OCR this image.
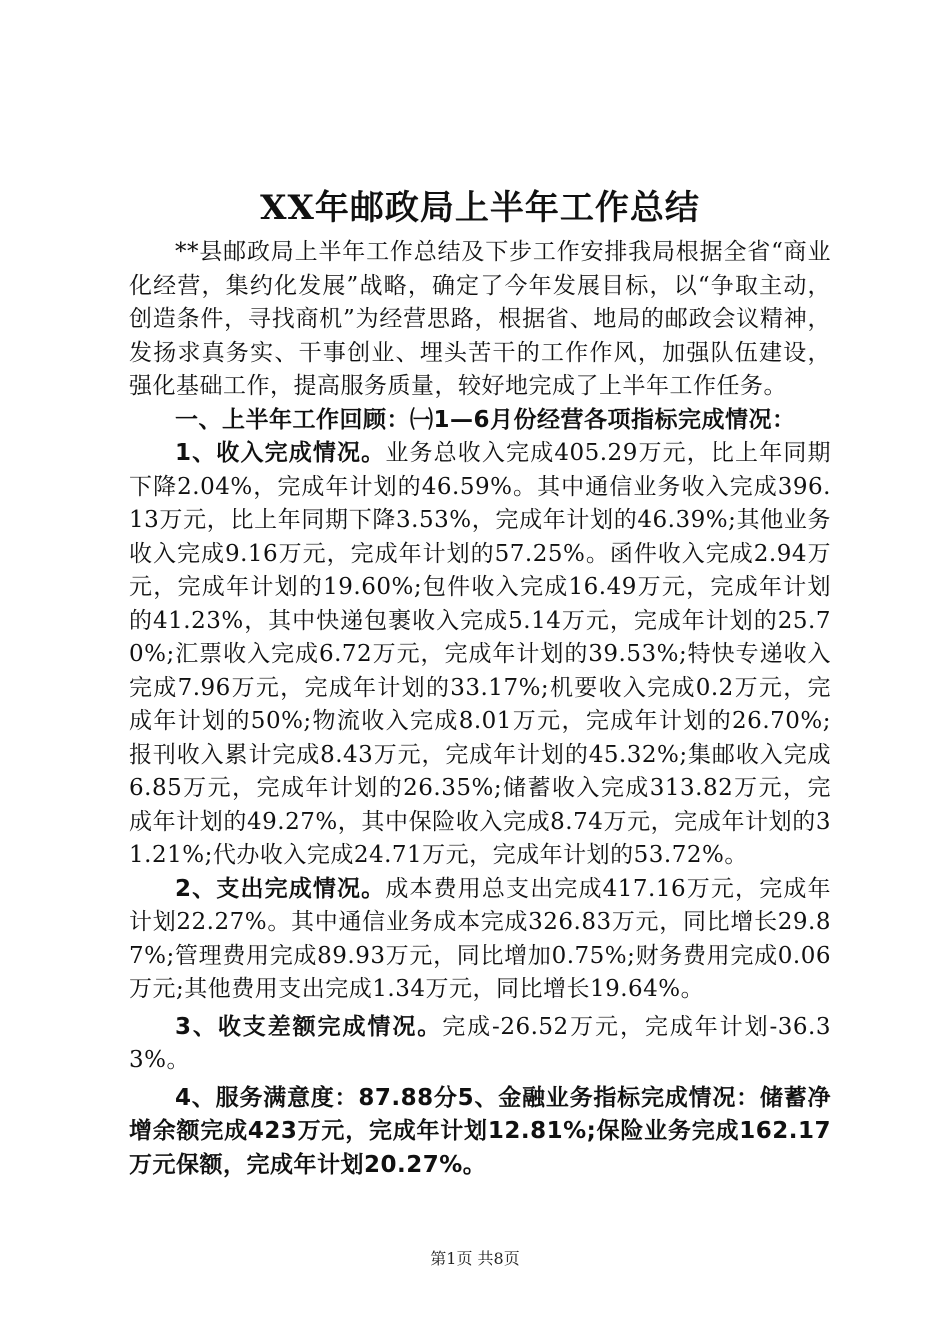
XX年邮政局上半年工作总结

**县邮政局上半年工作总结及下步工作安排我局根据全省“商业化经营，集约化发展”战略，确定了今年发展目标，以“争取主动，创造条件，寻找商机”为经营思路，根据省、地局的邮政会议精神，发扬求真务实、干事创业、埋头苦干的工作作风，加强队伍建设，强化基础工作，提高服务质量，较好地完成了上半年工作任务。

一、上半年工作回顾：㈠1—6月份经营各项指标完成情况：

1、收入完成情况。业务总收入完成405.29万元，比上年同期下降2.04%，完成年计划的46.59%。其中通信业务收入完成396.13万元，比上年同期下降3.53%，完成年计划的46.39%;其他业务收入完成9.16万元，完成年计划的57.25%。函件收入完成2.94万元，完成年计划的19.60%;包件收入完成16.49万元，完成年计划的41.23%，其中快递包裹收入完成5.14万元，完成年计划的25.70%;汇票收入完成6.72万元，完成年计划的39.53%;特快专递收入完成7.96万元，完成年计划的33.17%;机要收入完成0.2万元，完成年计划的50%;物流收入完成8.01万元，完成年计划的26.70%;报刊收入累计完成8.43万元，完成年计划的45.32%;集邮收入完成6.85万元，完成年计划的26.35%;储蓄收入完成313.82万元，完成年计划的49.27%，其中保险收入完成8.74万元，完成年计划的31.21%;代办收入完成24.71万元，完成年计划的53.72%。

2、支出完成情况。成本费用总支出完成417.16万元，完成年计划22.27%。其中通信业务成本完成326.83万元，同比增长29.87%;管理费用完成89.93万元，同比增加0.75%;财务费用完成0.06万元;其他费用支出完成1.34万元，同比增长19.64%。

3、收支差额完成情况。完成-26.52万元，完成年计划-36.33%。

4、服务满意度：87.88分5、金融业务指标完成情况：储蓄净增余额完成423万元，完成年计划12.81%;保险业务完成162.17万元保额，完成年计划20.27%。

第1页 共8页
